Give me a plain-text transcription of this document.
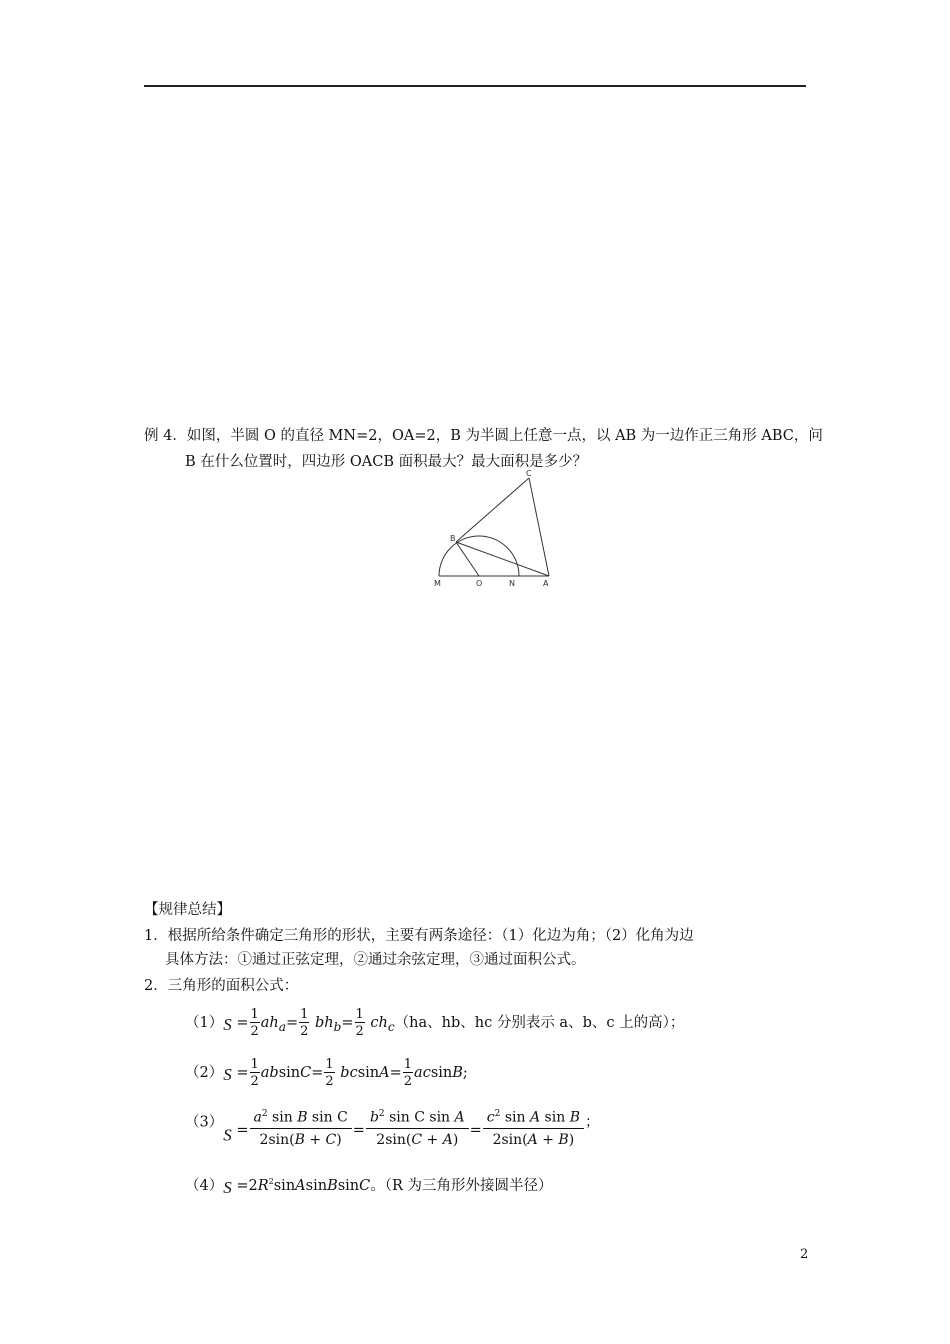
例 4．如图，半圆 O 的直径 MN=2，OA=2，B 为半圆上任意一点，以 AB 为一边作正三角形 ABC，问
B 在什么位置时，四边形 OACB 面积最大？最大面积是多少？
C
B
M	O	N	A
【规律总结】
1．根据所给条件确定三角形的形状，主要有两条途径：（1）化边为角；（2）化角为边
具体方法：①通过正弦定理，②通过余弦定理，③通过面积公式。
2．三角形的面积公式：
$(1)S = \frac{1}{2} ah_a= \frac{1}{2} bh_b= \frac{1}{2} ch_c(ha$、hb、hc 分别表示 a、b、c 上的高）；
$(2)S = \frac{1}{2} absinC= \frac{1}{2} bcsinA= \frac{1}{2} acsinB$;
$(3)S = \frac{a^2 \sin B \sin C}{2\sin(B + C)} = \frac{b^2 \sin C \sin A}{2\sin(C + A)} = \frac{c^2 \sin A \sin B}{2\sin(A + B)}$ ；
$(4)S =2R^2sinAsinBsinC$。（R 为三角形外接圆半径）
2
